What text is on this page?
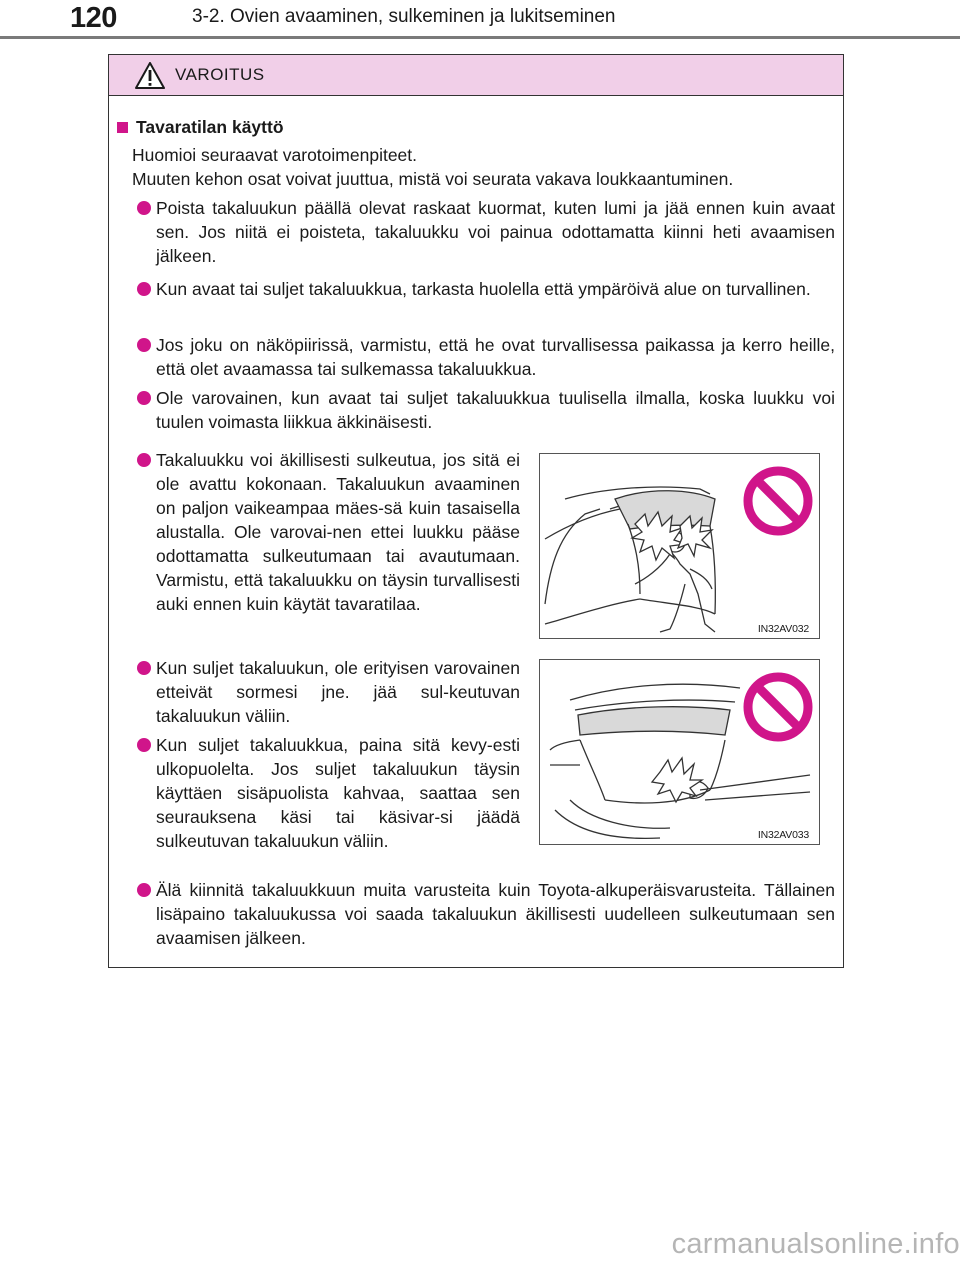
120	3-2. Ovien avaaminen, sulkeminen ja lukitseminen
VAROITUS
Tavaratilan käyttö
Huomioi seuraavat varotoimenpiteet.
Muuten kehon osat voivat juuttua, mistä voi seurata vakava loukkaantuminen.
Poista takaluukun päällä olevat raskaat kuormat, kuten lumi ja jää ennen kuin avaat sen. Jos niitä ei poisteta, takaluukku voi painua odottamatta kiinni heti avaamisen jälkeen.
Kun avaat tai suljet takaluukkua, tarkasta huolella että ympäröivä alue on turvallinen.
Jos joku on näköpiirissä, varmistu, että he ovat turvallisessa paikassa ja kerro heille, että olet avaamassa tai sulkemassa takaluukkua.
Ole varovainen, kun avaat tai suljet takaluukkua tuulisella ilmalla, koska luukku voi tuulen voimasta liikkua äkkinäisesti.
Takaluukku voi äkillisesti sulkeutua, jos sitä ei ole avattu kokonaan. Takaluukun avaaminen on paljon vaikeampaa mäes-sä kuin tasaisella alustalla. Ole varovai-nen ettei luukku pääse odottamatta sulkeutumaan tai avautumaan. Varmistu, että takaluukku on täysin turvallisesti auki ennen kuin käytät tavaratilaa.
IN32AV032
Kun suljet takaluukun, ole erityisen varovainen etteivät sormesi jne. jää sul-keutuvan takaluukun väliin.
Kun suljet takaluukkua, paina sitä kevy-esti ulkopuolelta. Jos suljet takaluukun täysin käyttäen sisäpuolista kahvaa, saattaa sen seurauksena käsi tai käsivar-si jäädä sulkeutuvan takaluukun väliin.	IN32AV033
Älä kiinnitä takaluukkuun muita varusteita kuin Toyota-alkuperäisvarusteita. Tällainen lisäpaino takaluukussa voi saada takaluukun äkillisesti uudelleen sulkeutumaan sen avaamisen jälkeen.
carmanualsonline.info
